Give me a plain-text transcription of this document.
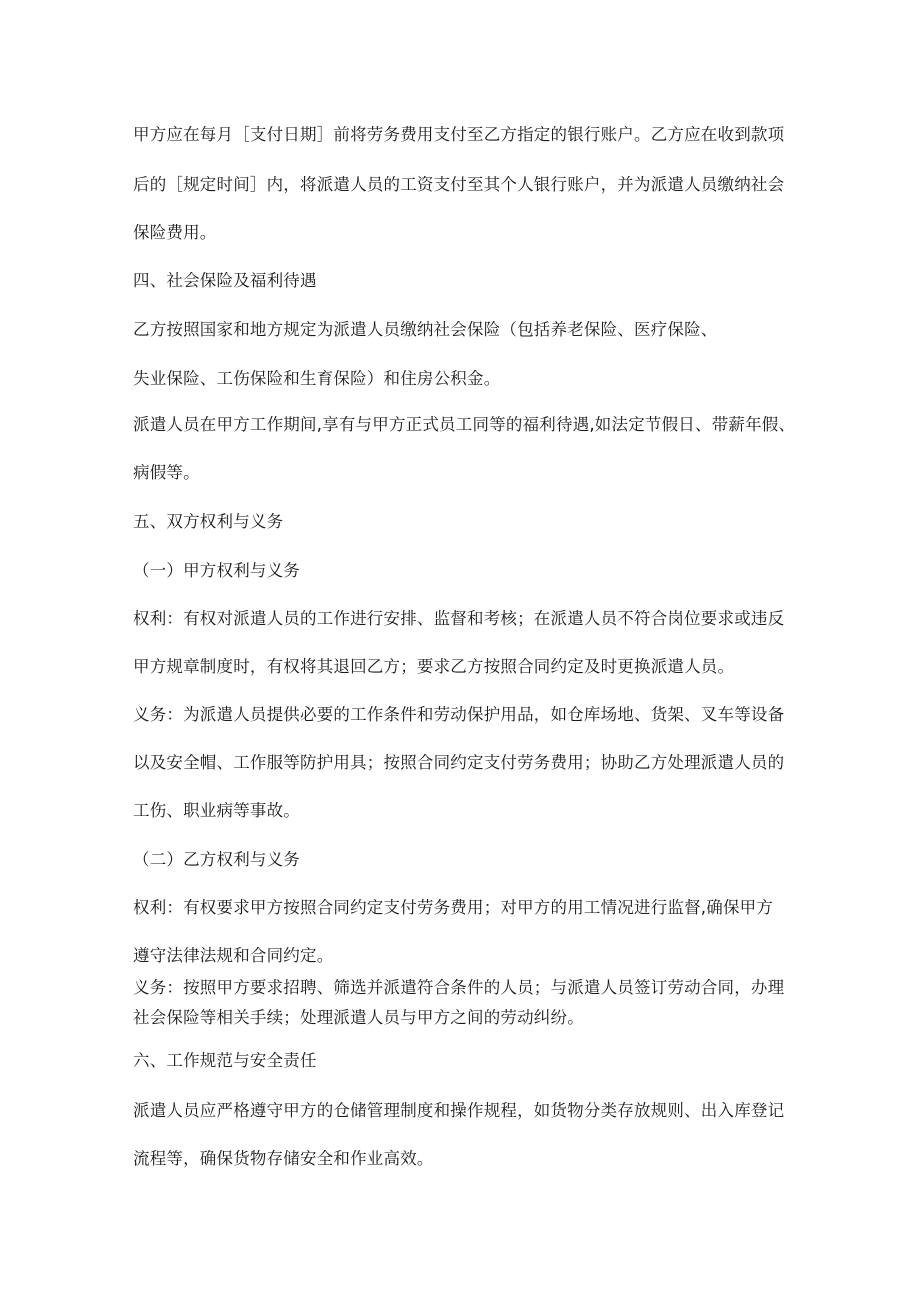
甲方应在每月［支付日期］前将劳务费用支付至乙方指定的银行账户。乙方应在收到款项

后的［规定时间］内，将派遣人员的工资支付至其个人银行账户，并为派遣人员缴纳社会

保险费用。

四、社会保险及福利待遇

乙方按照国家和地方规定为派遣人员缴纳社会保险（包括养老保险、医疗保险、

失业保险、工伤保险和生育保险）和住房公积金。

派遣人员在甲方工作期间,享有与甲方正式员工同等的福利待遇,如法定节假日、带薪年假、

病假等。

五、双方权利与义务

（一）甲方权利与义务

权利：有权对派遣人员的工作进行安排、监督和考核；在派遣人员不符合岗位要求或违反

甲方规章制度时，有权将其退回乙方；要求乙方按照合同约定及时更换派遣人员。

义务：为派遣人员提供必要的工作条件和劳动保护用品，如仓库场地、货架、叉车等设备

以及安全帽、工作服等防护用具；按照合同约定支付劳务费用；协助乙方处理派遣人员的

工伤、职业病等事故。

（二）乙方权利与义务

权利：有权要求甲方按照合同约定支付劳务费用；对甲方的用工情况进行监督,确保甲方

遵守法律法规和合同约定。

义务：按照甲方要求招聘、筛选并派遣符合条件的人员；与派遣人员签订劳动合同，办理

社会保险等相关手续；处理派遣人员与甲方之间的劳动纠纷。

六、工作规范与安全责任

派遣人员应严格遵守甲方的仓储管理制度和操作规程，如货物分类存放规则、出入库登记

流程等，确保货物存储安全和作业高效。
